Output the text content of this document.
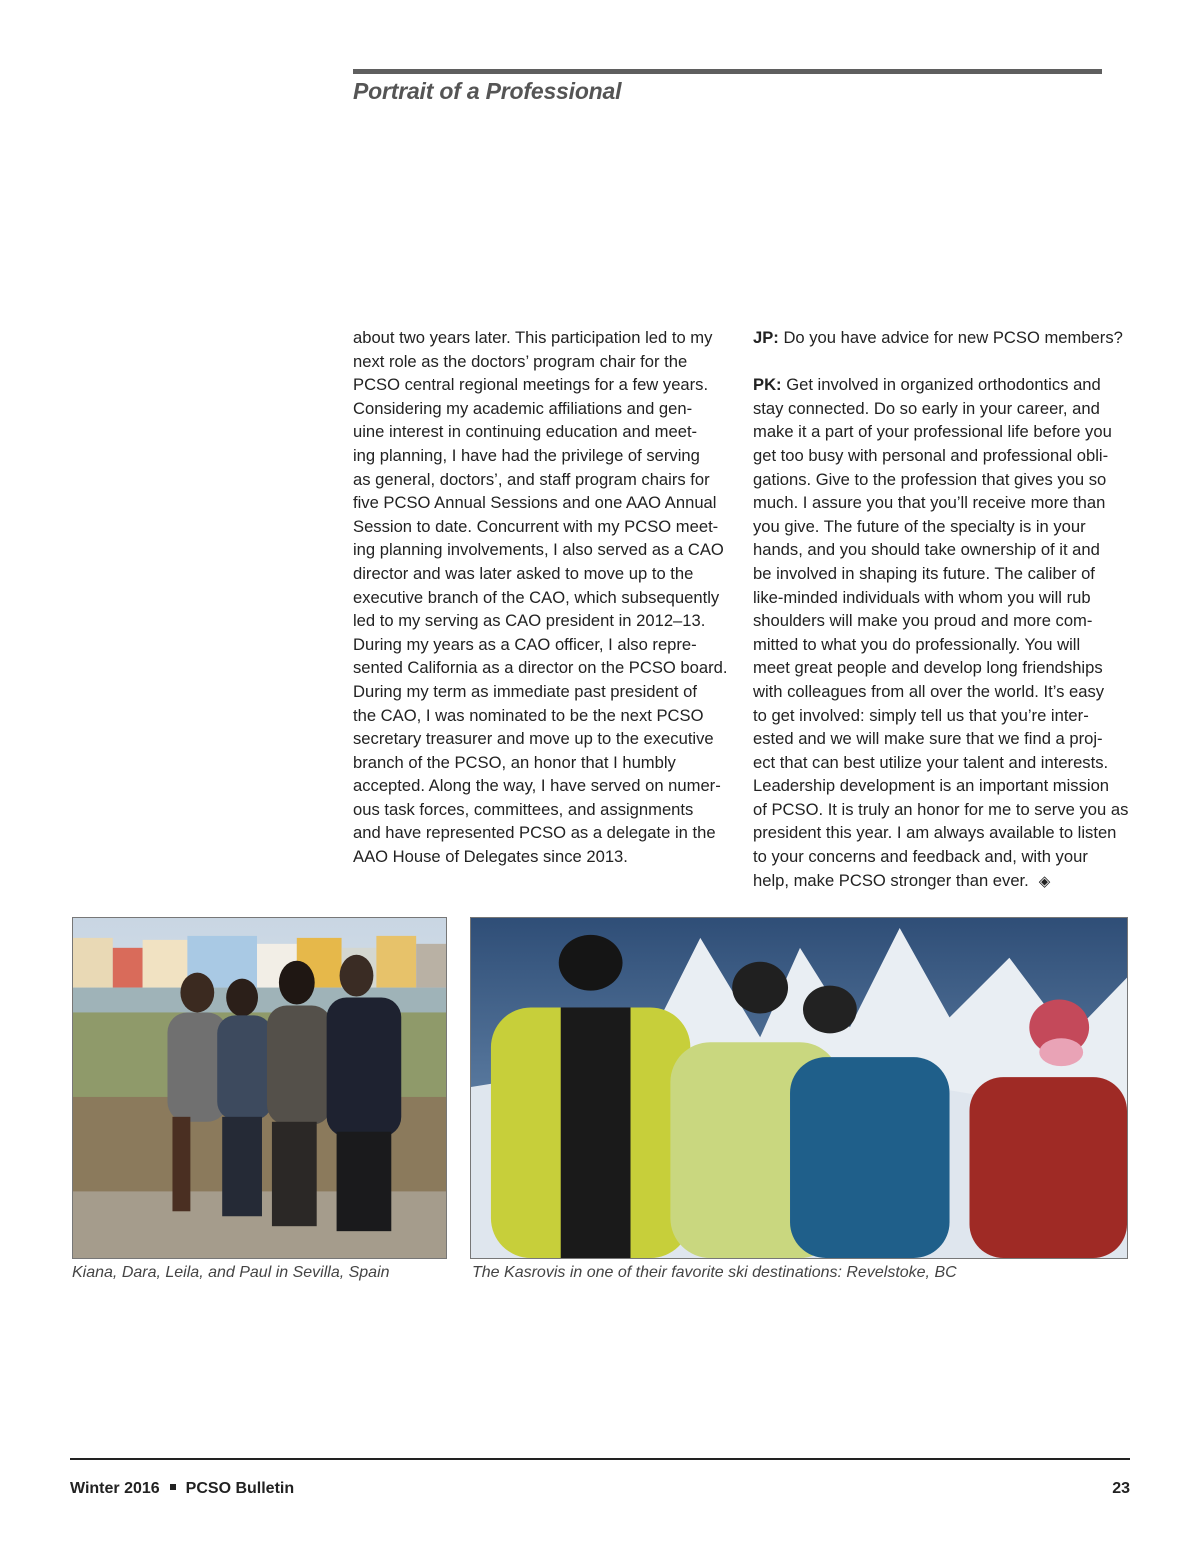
Portrait of a Professional
about two years later. This participation led to my
next role as the doctors’ program chair for the
PCSO central regional meetings for a few years.
Considering my academic affiliations and gen-
uine interest in continuing education and meet-
ing planning, I have had the privilege of serving
as general, doctors’, and staff program chairs for
five PCSO Annual Sessions and one AAO Annual
Session to date. Concurrent with my PCSO meet-
ing planning involvements, I also served as a CAO
director and was later asked to move up to the
executive branch of the CAO, which subsequently
led to my serving as CAO president in 2012–13.
During my years as a CAO officer, I also repre-
sented California as a director on the PCSO board.
During my term as immediate past president of
the CAO, I was nominated to be the next PCSO
secretary treasurer and move up to the executive
branch of the PCSO, an honor that I humbly
accepted. Along the way, I have served on numer-
ous task forces, committees, and assignments
and have represented PCSO as a delegate in the
AAO House of Delegates since 2013.
JP: Do you have advice for new PCSO members?
PK: Get involved in organized orthodontics and
stay connected. Do so early in your career, and
make it a part of your professional life before you
get too busy with personal and professional obli-
gations. Give to the profession that gives you so
much. I assure you that you’ll receive more than
you give. The future of the specialty is in your
hands, and you should take ownership of it and
be involved in shaping its future. The caliber of
like-minded individuals with whom you will rub
shoulders will make you proud and more com-
mitted to what you do professionally. You will
meet great people and develop long friendships
with colleagues from all over the world. It’s easy
to get involved: simply tell us that you’re inter-
ested and we will make sure that we find a proj-
ect that can best utilize your talent and interests.
Leadership development is an important mission
of PCSO. It is truly an honor for me to serve you as
president this year. I am always available to listen
to your concerns and feedback and, with your
help, make PCSO stronger than ever. ◈
Kiana, Dara, Leila, and Paul in Sevilla, Spain	The Kasrovis in one of their favorite ski destinations: Revelstoke, BC
Winter 2016 PCSO Bulletin	23
